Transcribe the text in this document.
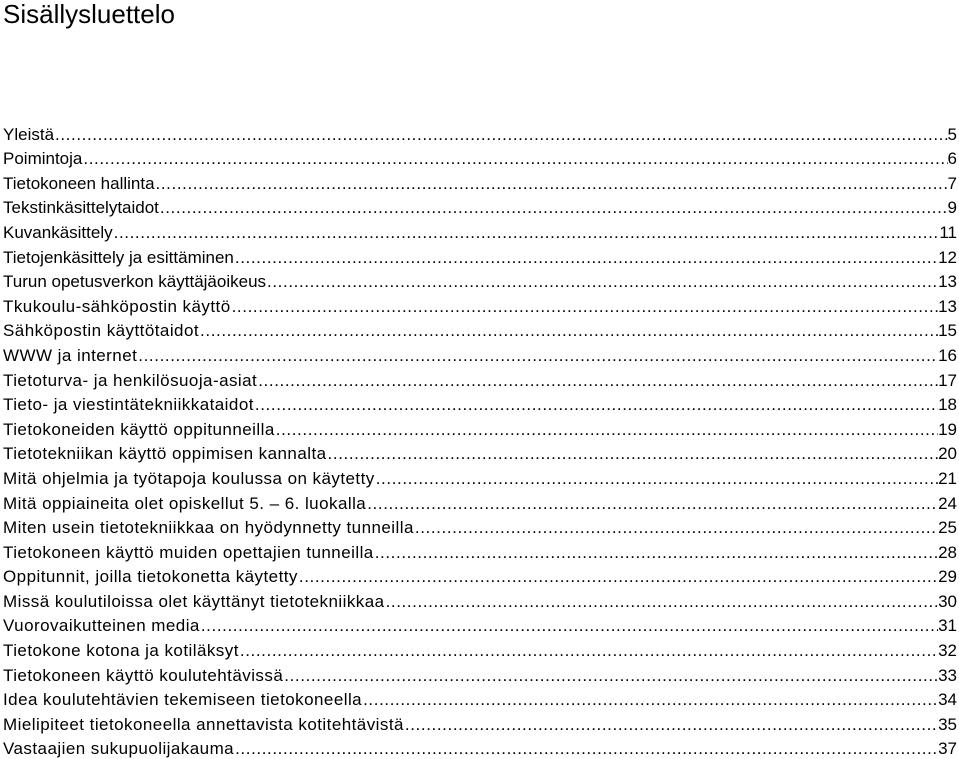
Sisällysluettelo
Yleistä .....	5
Poimintoja .....	6
Tietokoneen hallinta .....	7
Tekstinkäsittelytaidot .....	9
Kuvankäsittely .....	11
Tietojenkäsittely ja esittäminen .....	12
Turun opetusverkon käyttäjäoikeus .....	13
Tkukoulu-sähköpostin käyttö .....	13
Sähköpostin käyttötaidot .....	15
WWW ja internet .....	16
Tietoturva- ja henkilösuoja-asiat .....	17
Tieto- ja viestintätekniikkataidot .....	18
Tietokoneiden käyttö oppitunneilla .....	19
Tietotekniikan käyttö oppimisen kannalta .....	20
Mitä ohjelmia ja työtapoja koulussa on käytetty .....	21
Mitä oppiaineita olet opiskellut 5. – 6. luokalla .....	24
Miten usein tietotekniikkaa on hyödynnetty tunneilla .....	25
Tietokoneen käyttö muiden opettajien tunneilla .....	28
Oppitunnit, joilla tietokonetta käytetty .....	29
Missä koulutiloissa olet käyttänyt tietotekniikkaa .....	30
Vuorovaikutteinen media .....	31
Tietokone kotona ja kotiläksyt .....	32
Tietokoneen käyttö koulutehtävissä .....	33
Idea koulutehtävien tekemiseen tietokoneella .....	34
Mielipiteet tietokoneella annettavista kotitehtävistä .....	35
Vastaajien sukupuolijakauma .....	37
